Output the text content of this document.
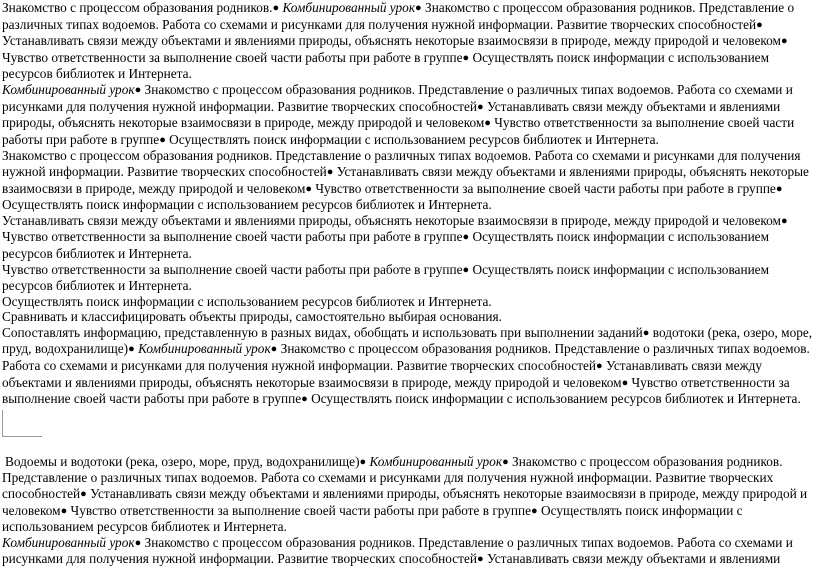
Знакомство с процессом образования родников.● Комбинированный урок● Знакомство с процессом образования родников. Представление о различных типах водоемов. Работа со схемами и рисунками для получения нужной информации. Развитие творческих способностей● Устанавливать связи между объектами и явлениями природы, объяснять некоторые взаимосвязи в природе, между природой и человеком● Чувство ответственности за выполнение своей части работы при работе в группе● Осуществлять поиск информации с использованием ресурсов библиотек и Интернета.

Комбинированный урок● Знакомство с процессом образования родников. Представление о различных типах водоемов. Работа со схемами и рисунками для получения нужной информации. Развитие творческих способностей● Устанавливать связи между объектами и явлениями природы, объяснять некоторые взаимосвязи в природе, между природой и человеком● Чувство ответственности за выполнение своей части работы при работе в группе● Осуществлять поиск информации с использованием ресурсов библиотек и Интернета.

Знакомство с процессом образования родников. Представление о различных типах водоемов. Работа со схемами и рисунками для получения нужной информации. Развитие творческих способностей● Устанавливать связи между объектами и явлениями природы, объяснять некоторые взаимосвязи в природе, между природой и человеком● Чувство ответственности за выполнение своей части работы при работе в группе● Осуществлять поиск информации с использованием ресурсов библиотек и Интернета.

Устанавливать связи между объектами и явлениями природы, объяснять некоторые взаимосвязи в природе, между природой и человеком● Чувство ответственности за выполнение своей части работы при работе в группе● Осуществлять поиск информации с использованием ресурсов библиотек и Интернета.

Чувство ответственности за выполнение своей части работы при работе в группе● Осуществлять поиск информации с использованием ресурсов библиотек и Интернета.

Осуществлять поиск информации с использованием ресурсов библиотек и Интернета.

Сравнивать и классифицировать объекты природы, самостоятельно выбирая основания.

Сопоставлять информацию, представленную в разных видах, обобщать и использовать при выполнении заданий● водотоки (река, озеро, море, пруд, водохранилище)● Комбинированный урок● Знакомство с процессом образования родников. Представление о различных типах водоемов. Работа со схемами и рисунками для получения нужной информации. Развитие творческих способностей● Устанавливать связи между объектами и явлениями природы, объяснять некоторые взаимосвязи в природе, между природой и человеком● Чувство ответственности за выполнение своей части работы при работе в группе● Осуществлять поиск информации с использованием ресурсов библиотек и Интернета.

Водоемы и водотоки (река, озеро, море, пруд, водохранилище)● Комбинированный урок● Знакомство с процессом образования родников. Представление о различных типах водоемов. Работа со схемами и рисунками для получения нужной информации. Развитие творческих способностей● Устанавливать связи между объектами и явлениями природы, объяснять некоторые взаимосвязи в природе, между природой и человеком● Чувство ответственности за выполнение своей части работы при работе в группе● Осуществлять поиск информации с использованием ресурсов библиотек и Интернета.

Комбинированный урок● Знакомство с процессом образования родников. Представление о различных типах водоемов. Работа со схемами и рисунками для получения нужной информации. Развитие творческих способностей● Устанавливать связи между объектами и явлениями
